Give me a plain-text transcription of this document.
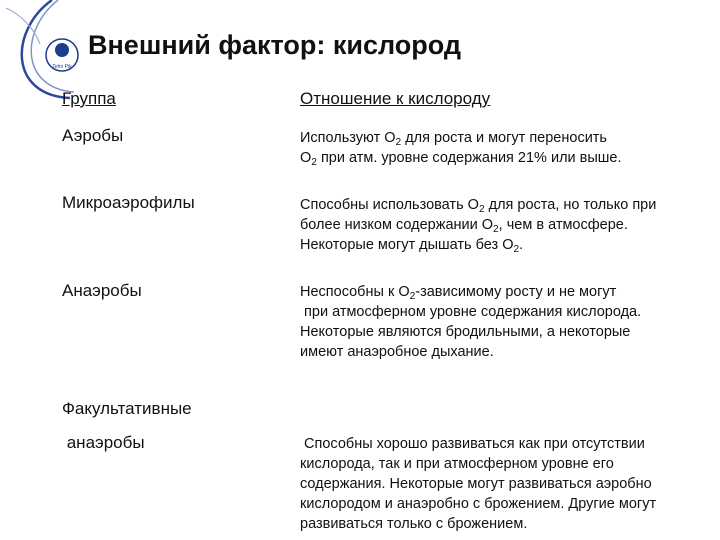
Tehn Pik
Внешний фактор: кислород
Группа	Отношение к кислороду
Аэробы	Используют $О_2$ для роста и могут переносить
$О_2$ при атм. уровне содержания 21% или выше.
Микроаэрофилы	Способны использовать $О_2$ для роста, но только при
более низком содержании $О_2$, чем в атмосфере.
Некоторые могут дышать без $О_2$.
Анаэробы	Неспособны к $О_2$-зависимому росту и не могут
при атмосферном уровне содержания кислорода.
Некоторые являются бродильными, а некоторые
имеют анаэробное дыхание.
Факультативные
анаэробы	Способны хорошо развиваться как при отсутствии
кислорода, так и при атмосферном уровне его
содержания. Некоторые могут развиваться аэробно
кислородом и анаэробно с брожением. Другие могут
развиваться только с брожением.
